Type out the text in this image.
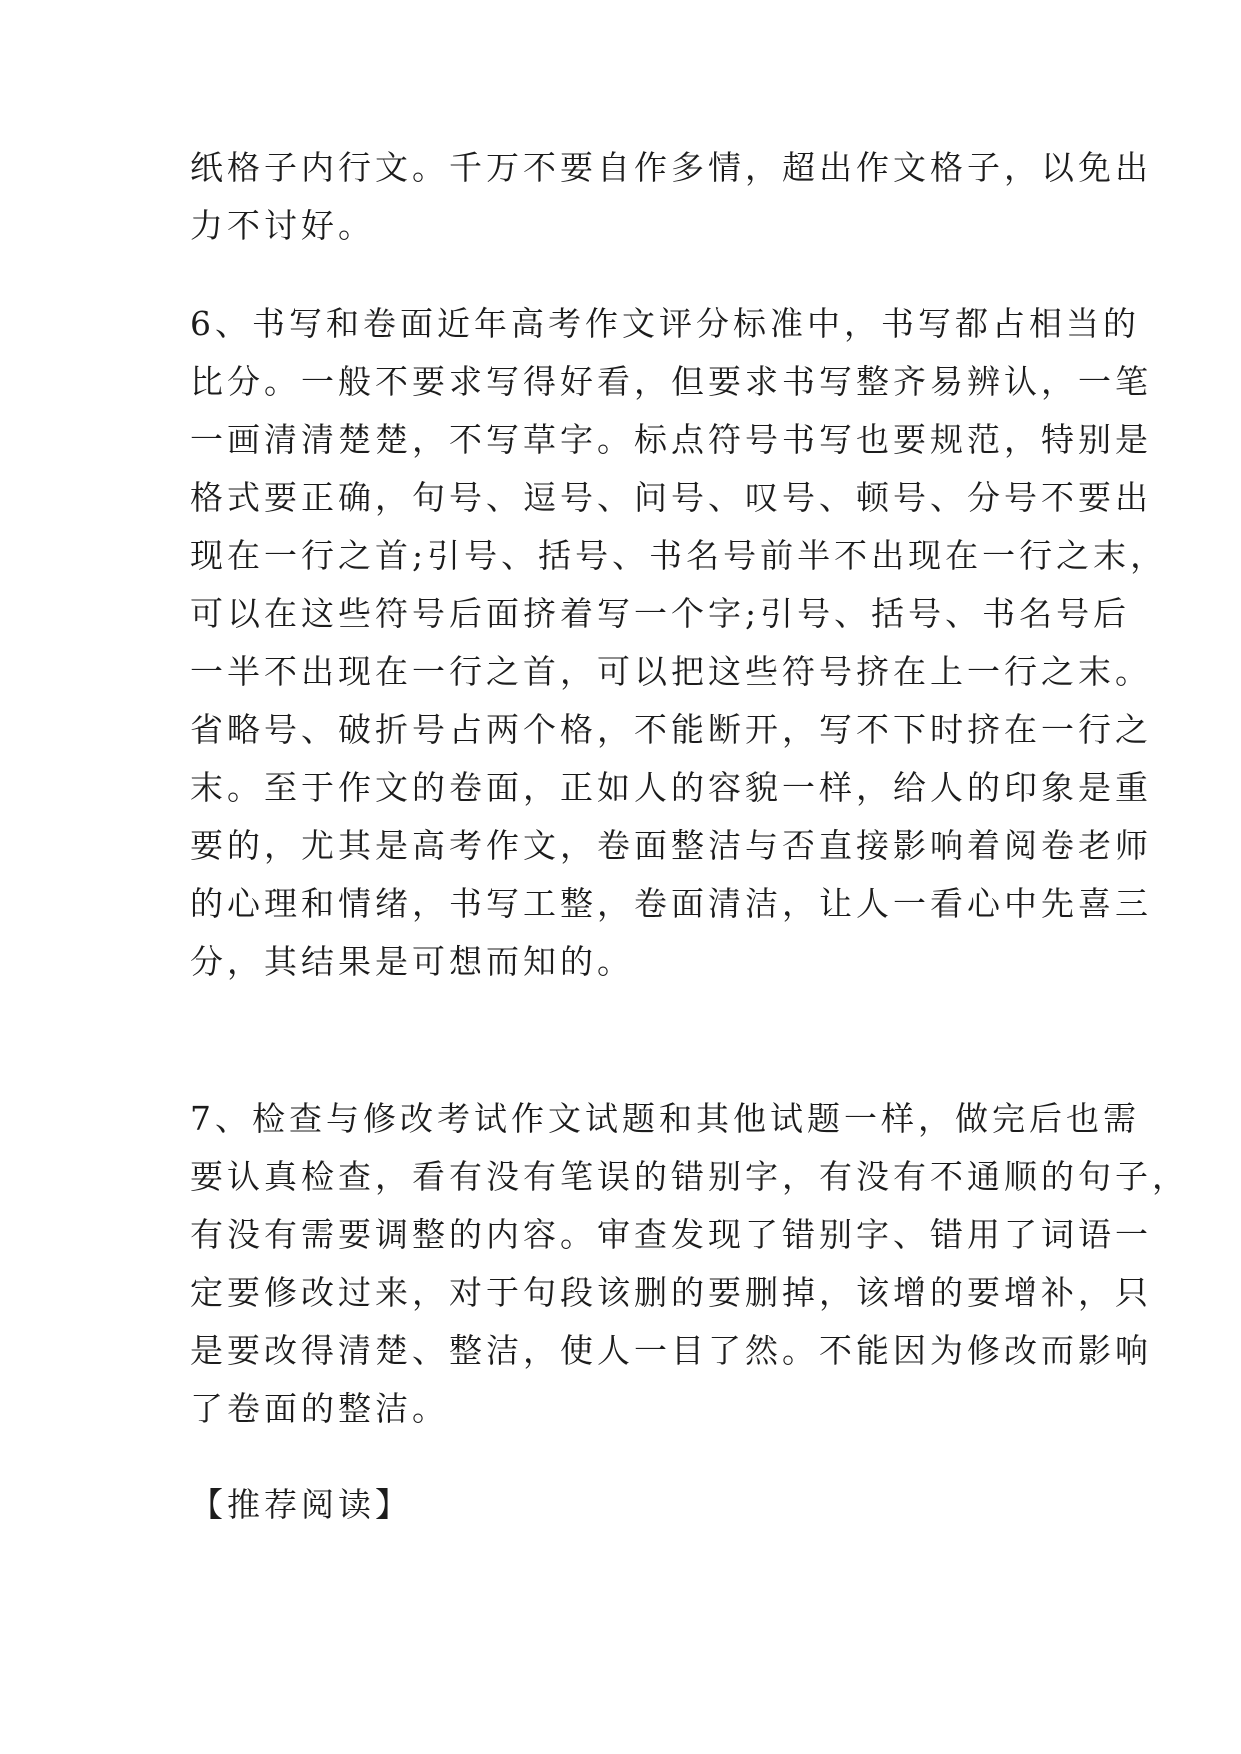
纸格子内行文。千万不要自作多情，超出作文格子，以免出
力不讨好。
6、书写和卷面近年高考作文评分标准中，书写都占相当的
比分。一般不要求写得好看，但要求书写整齐易辨认，一笔
一画清清楚楚，不写草字。标点符号书写也要规范，特别是
格式要正确，句号、逗号、问号、叹号、顿号、分号不要出
现在一行之首;引号、括号、书名号前半不出现在一行之末，
可以在这些符号后面挤着写一个字;引号、括号、书名号后
一半不出现在一行之首，可以把这些符号挤在上一行之末。
省略号、破折号占两个格，不能断开，写不下时挤在一行之
末。至于作文的卷面，正如人的容貌一样，给人的印象是重
要的，尤其是高考作文，卷面整洁与否直接影响着阅卷老师
的心理和情绪，书写工整，卷面清洁，让人一看心中先喜三
分，其结果是可想而知的。
7、检查与修改考试作文试题和其他试题一样，做完后也需
要认真检查，看有没有笔误的错别字，有没有不通顺的句子，
有没有需要调整的内容。审查发现了错别字、错用了词语一
定要修改过来，对于句段该删的要删掉，该增的要增补，只
是要改得清楚、整洁，使人一目了然。不能因为修改而影响
了卷面的整洁。
【推荐阅读】
